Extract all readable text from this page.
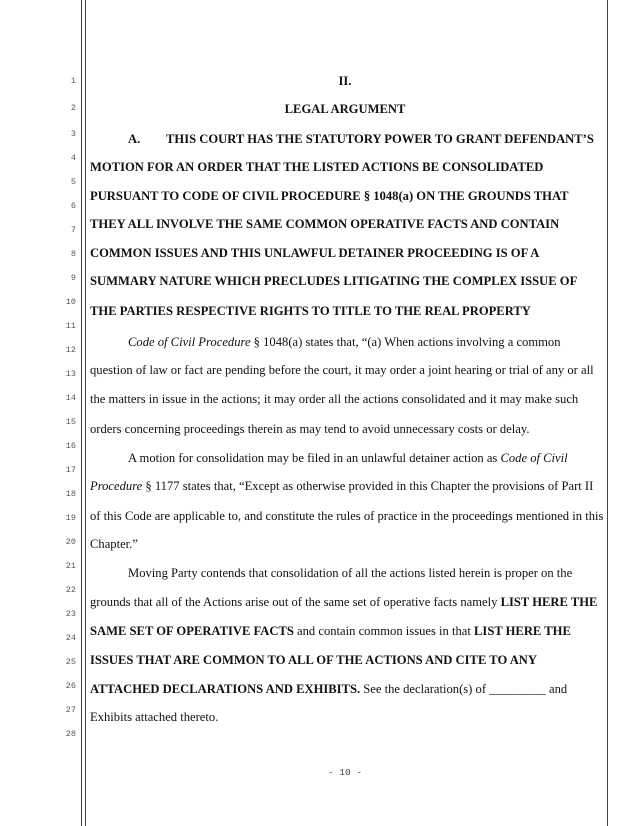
1
2
3
4
5
6
7
8
9
10
11
12
13
14
15
16
17
18
19
20
21
22
23
24
25
26
27
28
II.
LEGAL ARGUMENT
A. THIS COURT HAS THE STATUTORY POWER TO GRANT DEFENDANT’S
MOTION FOR AN ORDER THAT THE LISTED ACTIONS BE CONSOLIDATED
PURSUANT TO CODE OF CIVIL PROCEDURE § 1048(a) ON THE GROUNDS THAT
THEY ALL INVOLVE THE SAME COMMON OPERATIVE FACTS AND CONTAIN
COMMON ISSUES AND THIS UNLAWFUL DETAINER PROCEEDING IS OF A
SUMMARY NATURE WHICH PRECLUDES LITIGATING THE COMPLEX ISSUE OF
THE PARTIES RESPECTIVE RIGHTS TO TITLE TO THE REAL PROPERTY
Code of Civil Procedure § 1048(a) states that, “(a) When actions involving a common
question of law or fact are pending before the court, it may order a joint hearing or trial of any or all
the matters in issue in the actions; it may order all the actions consolidated and it may make such
orders concerning proceedings therein as may tend to avoid unnecessary costs or delay.
A motion for consolidation may be filed in an unlawful detainer action as Code of Civil
Procedure § 1177 states that, “Except as otherwise provided in this Chapter the provisions of Part II
of this Code are applicable to, and constitute the rules of practice in the proceedings mentioned in this
Chapter.”
Moving Party contends that consolidation of all the actions listed herein is proper on the
grounds that all of the Actions arise out of the same set of operative facts namely LIST HERE THE
SAME SET OF OPERATIVE FACTS and contain common issues in that LIST HERE THE
ISSUES THAT ARE COMMON TO ALL OF THE ACTIONS AND CITE TO ANY
ATTACHED DECLARATIONS AND EXHIBITS. See the declaration(s) of _________ and
Exhibits attached thereto.
- 10 -
